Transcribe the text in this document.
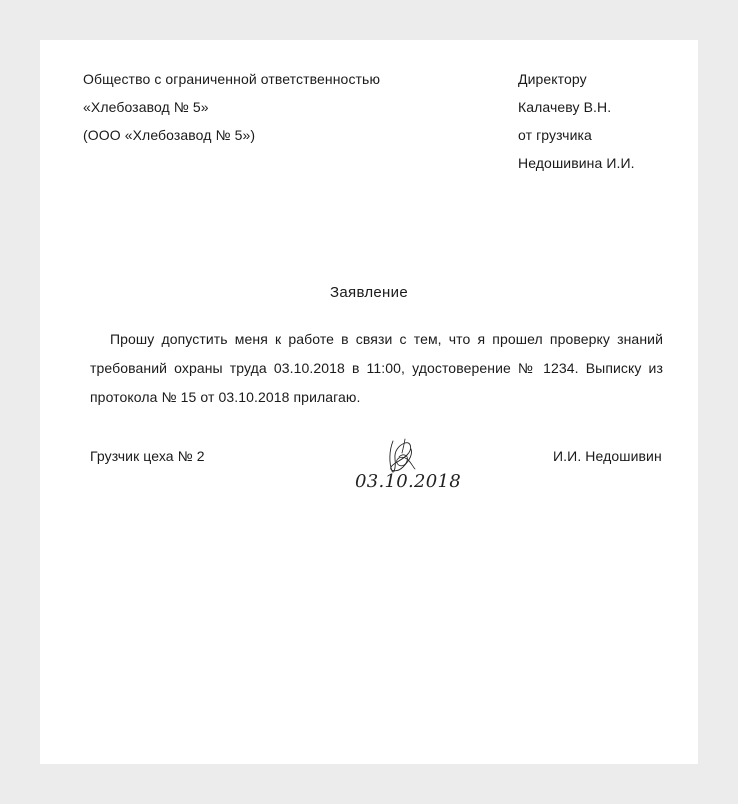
Общество с ограниченной ответственностью
«Хлебозавод № 5»
(ООО «Хлебозавод № 5»)
Директору
Калачеву В.Н.
от грузчика
Недошивина И.И.
Заявление
Прошу допустить меня к работе в связи с тем, что я прошел проверку знаний требований охраны труда 03.10.2018 в 11:00, удостоверение № 1234. Выписку из протокола № 15 от 03.10.2018 прилагаю.
Грузчик цеха № 2
03.10.2018
И.И. Недошивин
